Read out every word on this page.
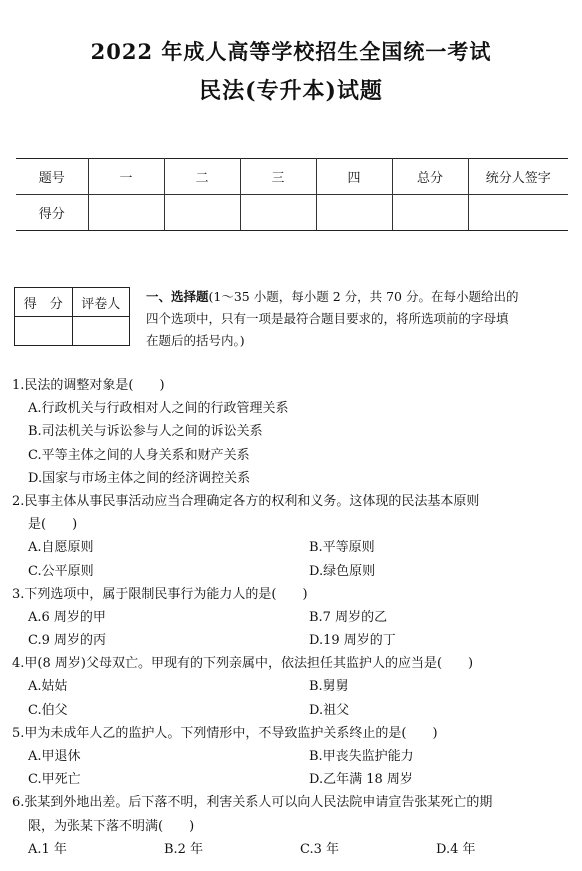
2022 年成人高等学校招生全国统一考试
民法(专升本)试题
题号	一	二	三	四	总分	统分人签字
得分						
得　分	评卷人
	一、选择题(1～35 小题，每小题 2 分，共 70 分。在每小题给出的
四个选项中，只有一项是最符合题目要求的，将所选项前的字母填
在题后的括号内。)
1.民法的调整对象是(　　)
A.行政机关与行政相对人之间的行政管理关系
B.司法机关与诉讼参与人之间的诉讼关系
C.平等主体之间的人身关系和财产关系
D.国家与市场主体之间的经济调控关系
2.民事主体从事民事活动应当合理确定各方的权利和义务。这体现的民法基本原则
是(　　)
A.自愿原则	B.平等原则
C.公平原则	D.绿色原则
3.下列选项中，属于限制民事行为能力人的是(　　)
A.6 周岁的甲	B.7 周岁的乙
C.9 周岁的丙	D.19 周岁的丁
4.甲(8 周岁)父母双亡。甲现有的下列亲属中，依法担任其监护人的应当是(　　)
A.姑姑	B.舅舅
C.伯父	D.祖父
5.甲为未成年人乙的监护人。下列情形中，不导致监护关系终止的是(　　)
A.甲退休	B.甲丧失监护能力
C.甲死亡	D.乙年满 18 周岁
6.张某到外地出差。后下落不明，利害关系人可以向人民法院申请宣告张某死亡的期
限，为张某下落不明满(　　)
A.1 年	B.2 年	C.3 年	D.4 年
